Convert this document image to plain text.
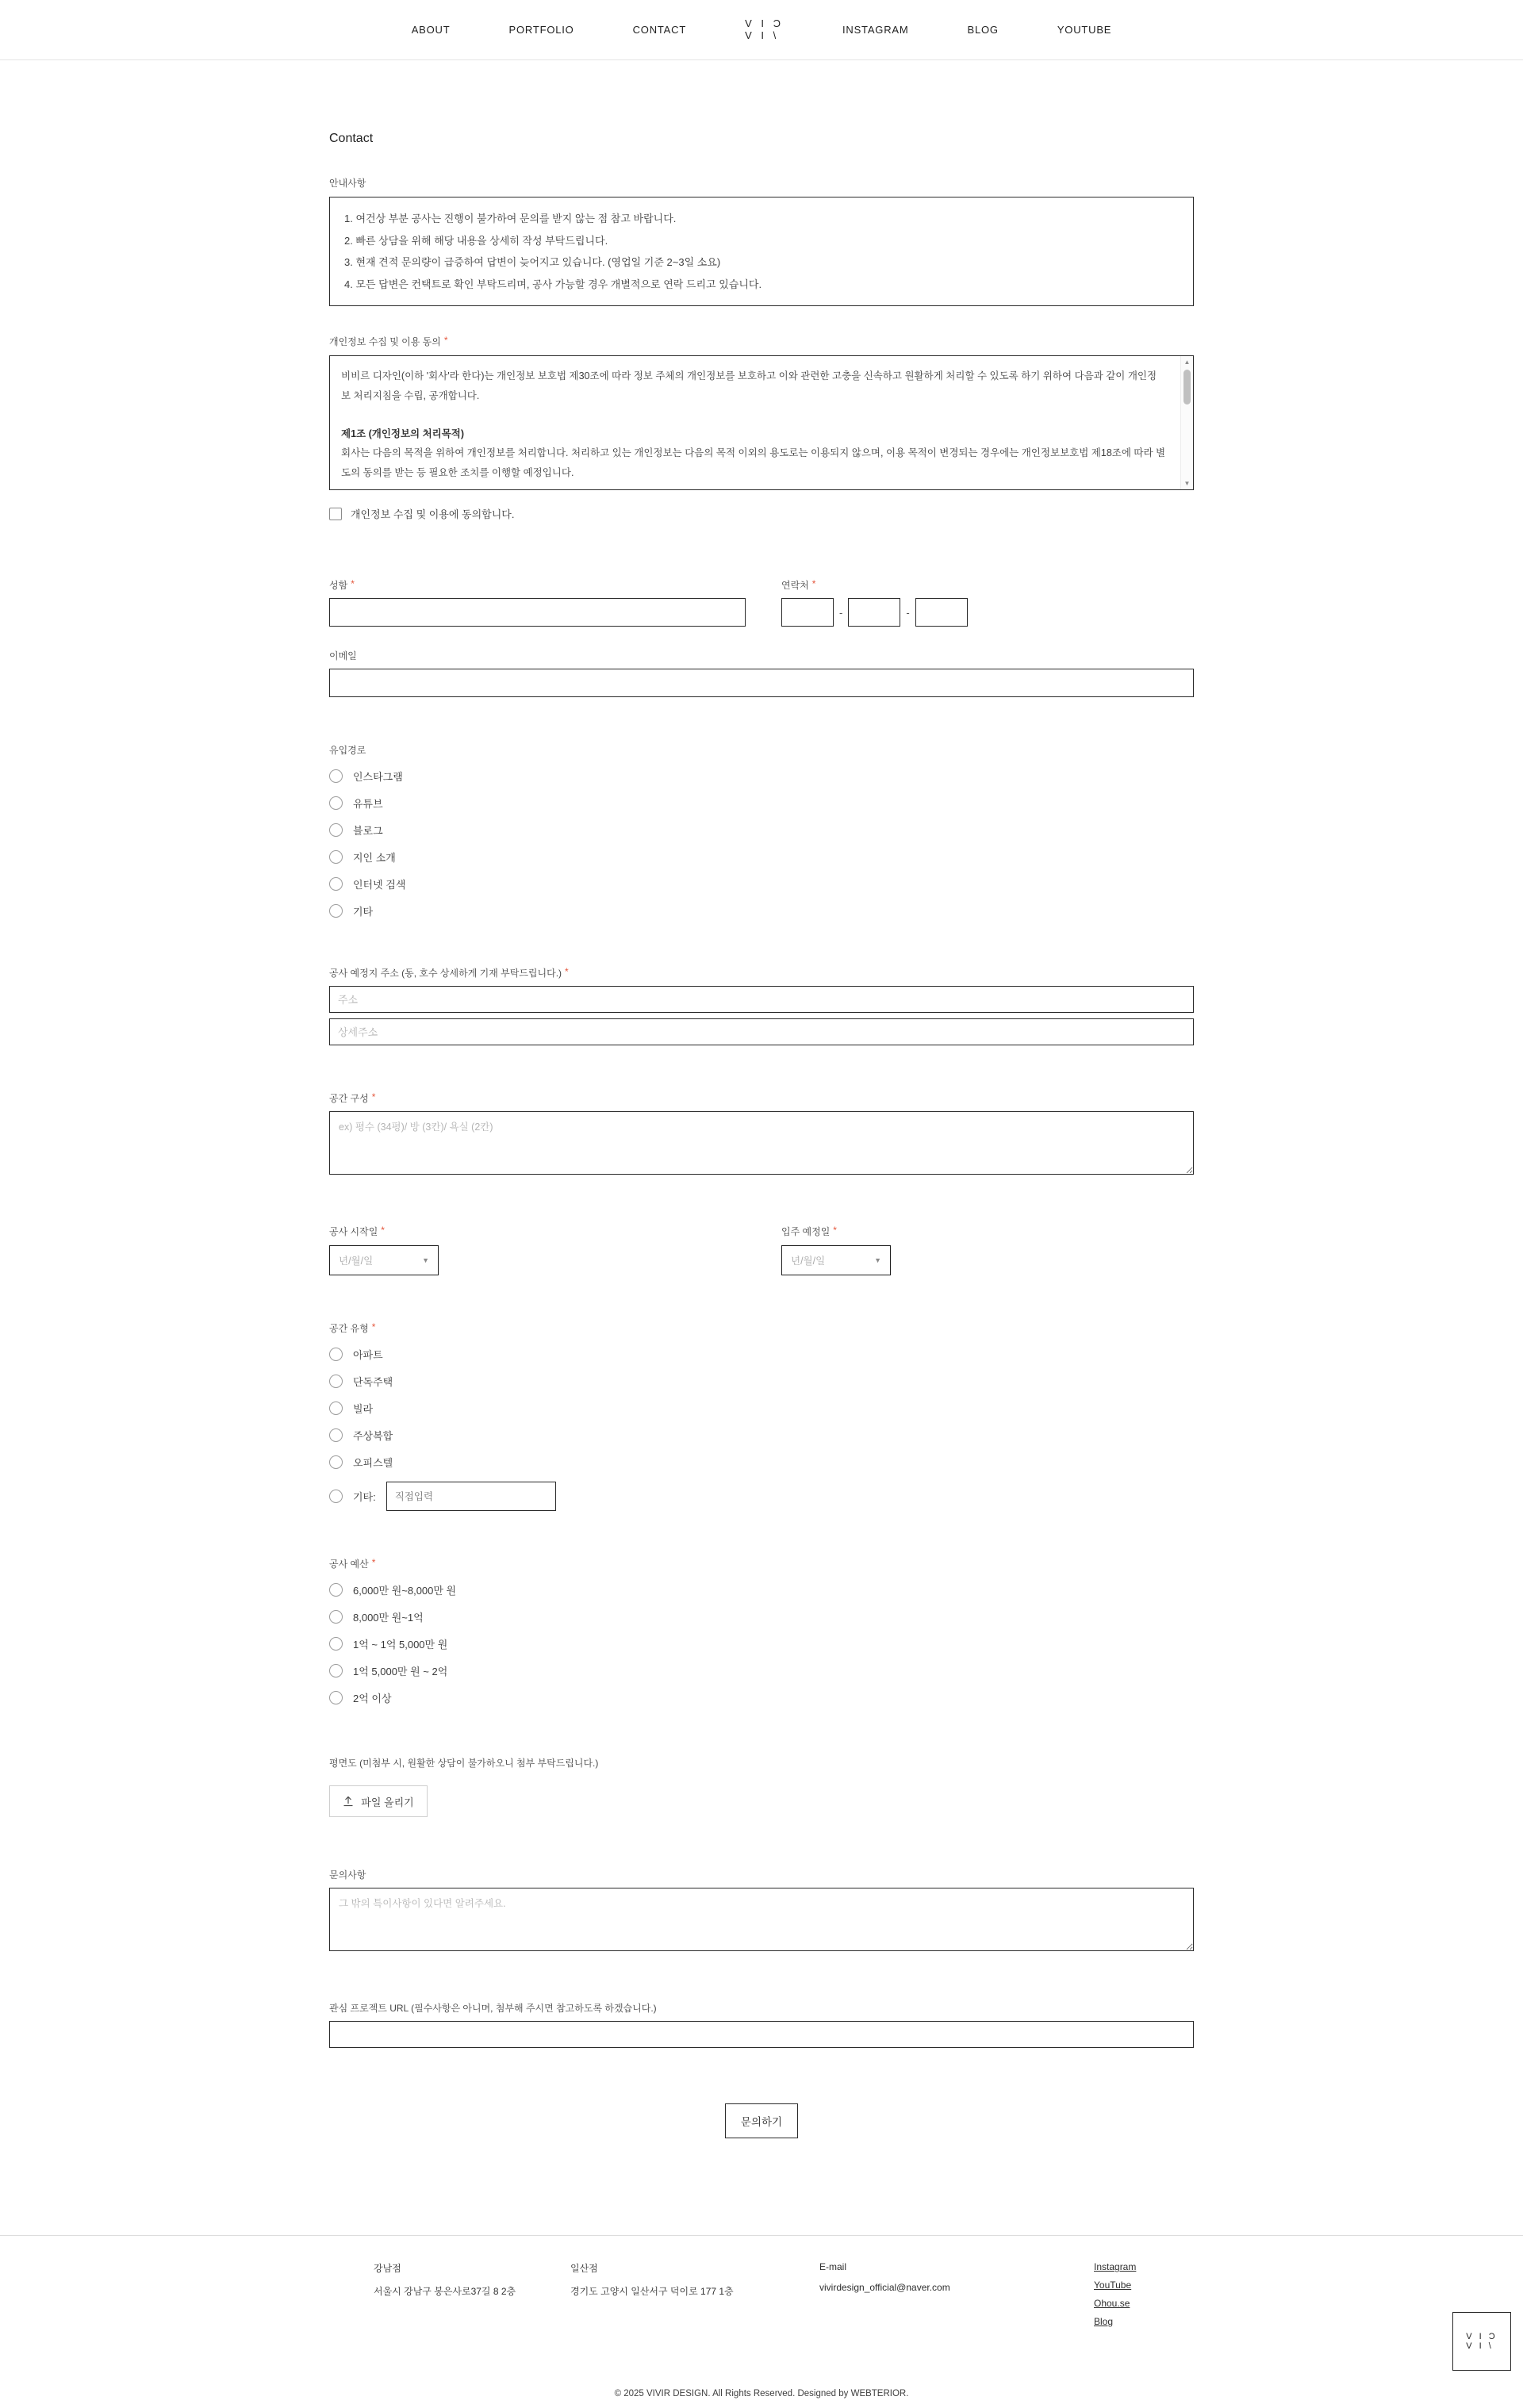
ABOUT	PORTFOLIO	CONTACT
V I Ɔ
V I \	INSTAGRAM	BLOG	YOUTUBE
Contact
안내사항
1. 여건상 부분 공사는 진행이 불가하여 문의를 받지 않는 점 참고 바랍니다.
2. 빠른 상담을 위해 해당 내용을 상세히 작성 부탁드립니다.
3. 현재 견적 문의량이 급증하여 답변이 늦어지고 있습니다. (영업일 기준 2~3일 소요)
4. 모든 답변은 컨택트로 확인 부탁드리며, 공사 가능할 경우 개별적으로 연락 드리고 있습니다.
개인정보 수집 및 이용 동의 *

비비르 디자인(이하 '회사'라 한다)는 개인정보 보호법 제30조에 따라 정보 주체의 개인정보를 보호하고 이와 관련한 고충을 신속하고 원활하게 처리할 수 있도록 하기 위하여 다음과 같이 개인정보 처리지침을 수립, 공개합니다.

제1조 (개인정보의 처리목적)

회사는 다음의 목적을 위하여 개인정보를 처리합니다. 처리하고 있는 개인정보는 다음의 목적 이외의 용도로는 이용되지 않으며, 이용 목적이 변경되는 경우에는 개인정보보호법 제18조에 따라 별도의 동의를 받는 등 필요한 조치를 이행할 예정입니다.

▲
▼
개인정보 수집 및 이용에 동의합니다.
성함 *	연락처 *
-	-
이메일
유입경로
인스타그램
유튜브
블로그
지인 소개
인터넷 검색
기타
공사 예정지 주소 (동, 호수 상세하게 기재 부탁드립니다.) *
주소 상세주소
공간 구성 *
ex) 평수 (34평)/ 방 (3칸)/ 욕실 (2칸)
공사 시작일 *
년/월/일	▼
입주 예정일 *
년/월/일	▼
공간 유형 *
아파트
단독주택
빌라
주상복합
오피스텔
기타:
직접입력
공사 예산 *
6,000만 원~8,000만 원
8,000만 원~1억
1억 ~ 1억 5,000만 원
1억 5,000만 원 ~ 2억
2억 이상
평면도 (미첨부 시, 원활한 상담이 불가하오니 첨부 부탁드립니다.)
파일 올리기
문의사항
그 밖의 특이사항이 있다면 알려주세요.
관심 프로젝트 URL (필수사항은 아니며, 첨부해 주시면 참고하도록 하겠습니다.)
문의하기
강남점
서울시 강남구 봉은사로37길 8 2층
일산점
경기도 고양시 일산서구 덕이로 177 1층
E-mail
vivirdesign_official@naver.com
Instagram
YouTube
Ohou.se
Blog
V I Ɔ
V I \
© 2025 VIVIR DESIGN. All Rights Reserved. Designed by WEBTERIOR.
